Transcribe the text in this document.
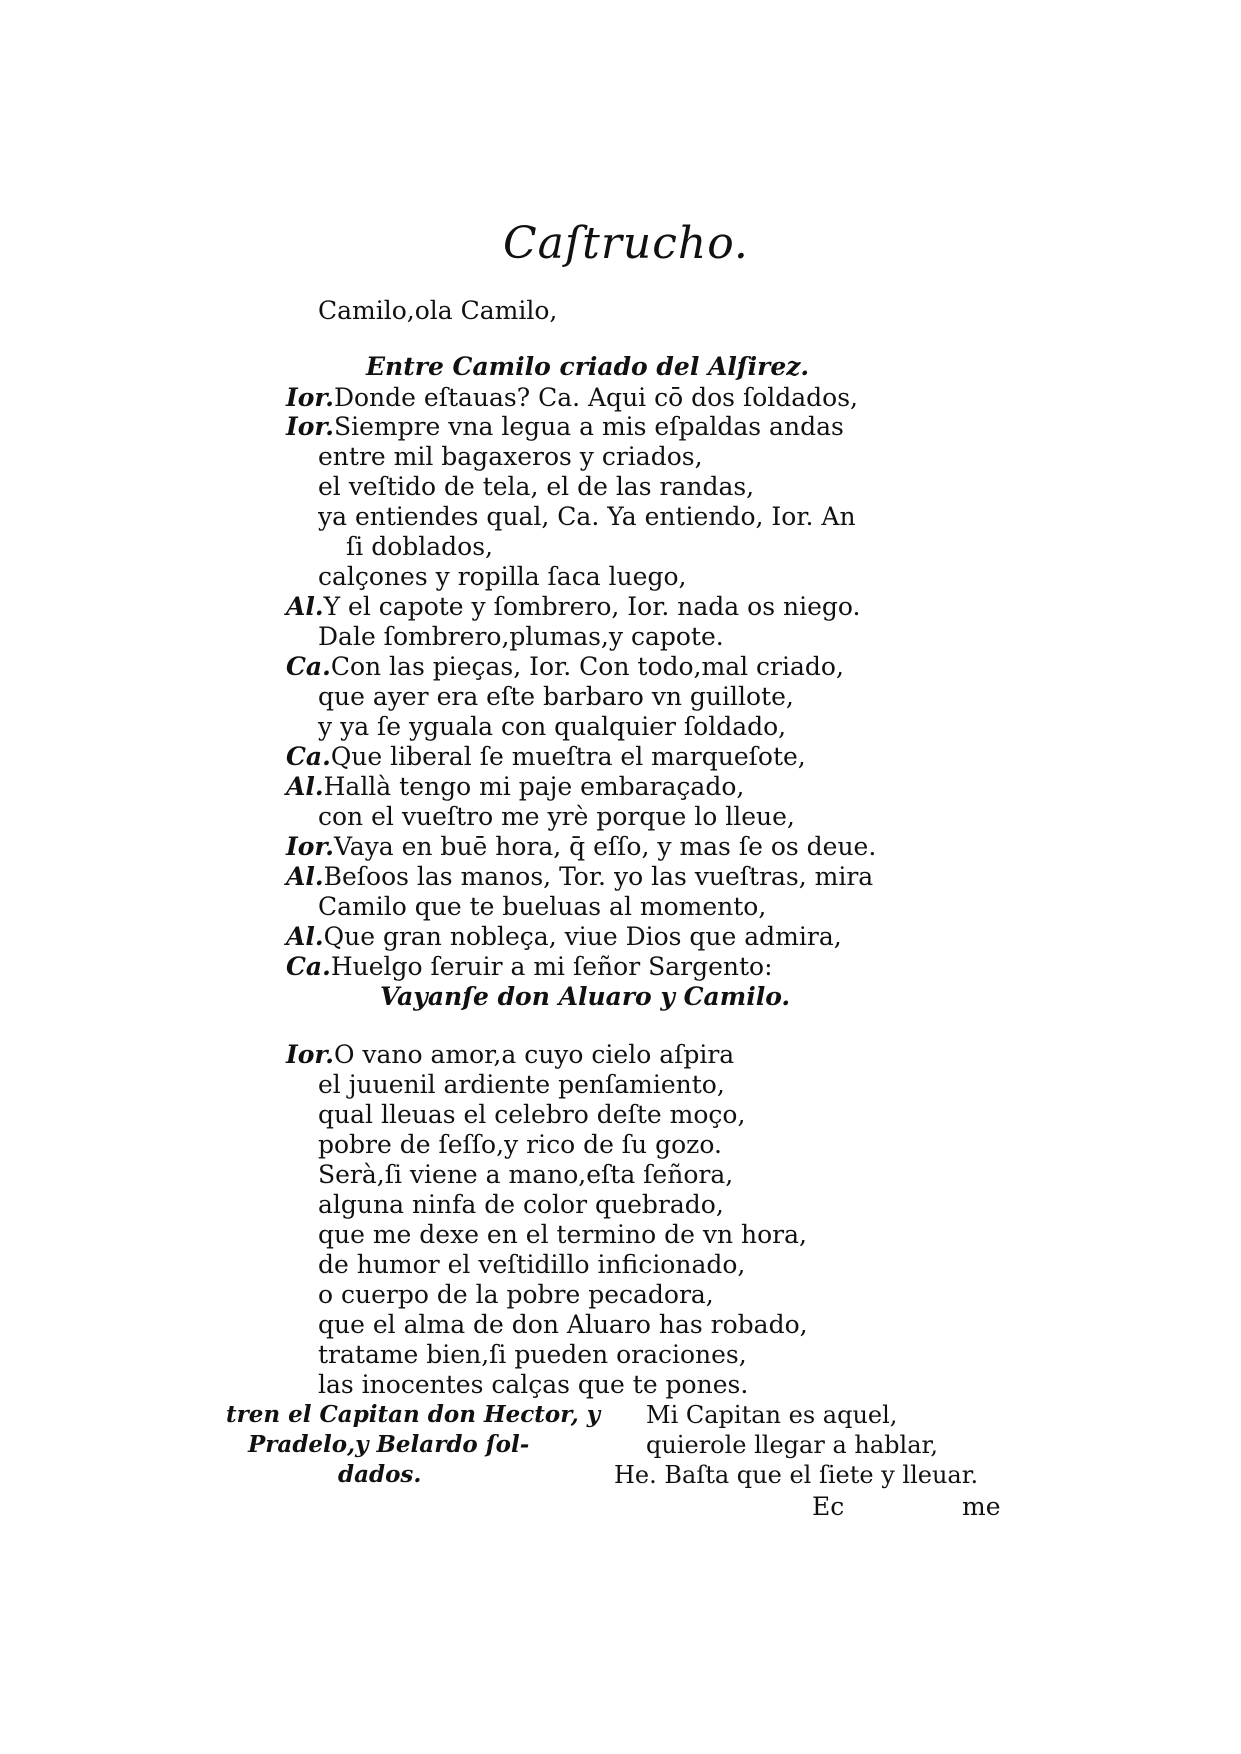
Caſtrucho.
Camilo,ola Camilo,
Entre Camilo criado del Alſirez.
Ior.Donde eſtauas? Ca. Aqui cō dos ſoldados,
Ior.Siempre vna legua a mis eſpaldas andas
entre mil bagaxeros y criados,
el veſtido de tela, el de las randas,
ya entiendes qual, Ca. Ya entiendo, Ior. An
ſi doblados,
calçones y ropilla ſaca luego,
Al.Y el capote y ſombrero, Ior. nada os niego.
Dale ſombrero,plumas,y capote.
Ca.Con las pieças, Ior. Con todo,mal criado,
que ayer era eſte barbaro vn guillote,
y ya ſe yguala con qualquier ſoldado,
Ca.Que liberal ſe mueſtra el marqueſote,
Al.Hallà tengo mi paje embaraçado,
con el vueſtro me yrè porque lo lleue,
Ior.Vaya en buē hora, q̄ eſſo, y mas ſe os deue.
Al.Beſoos las manos, Tor. yo las vueſtras, mira
Camilo que te bueluas al momento,
Al.Que gran nobleça, viue Dios que admira,
Ca.Huelgo ſeruir a mi ſeñor Sargento:
Vayanſe don Aluaro y Camilo.
Ior.O vano amor,a cuyo cielo aſpira
el juuenil ardiente penſamiento,
qual lleuas el celebro deſte moço,
pobre de ſeſſo,y rico de ſu gozo.
Serà,ſi viene a mano,eſta ſeñora,
alguna ninfa de color quebrado,
que me dexe en el termino de vn hora,
de humor el veſtidillo inficionado,
o cuerpo de la pobre pecadora,
que el alma de don Aluaro has robado,
tratame bien,ſi pueden oraciones,
las inocentes calças que te pones.
tren el Capitan don Hector, y
Pradelo,y Belardo ſol-
dados.
Mi Capitan es aquel,
quierole llegar a hablar,
He. Baſta que el ſiete y lleuar.
Ec	me
